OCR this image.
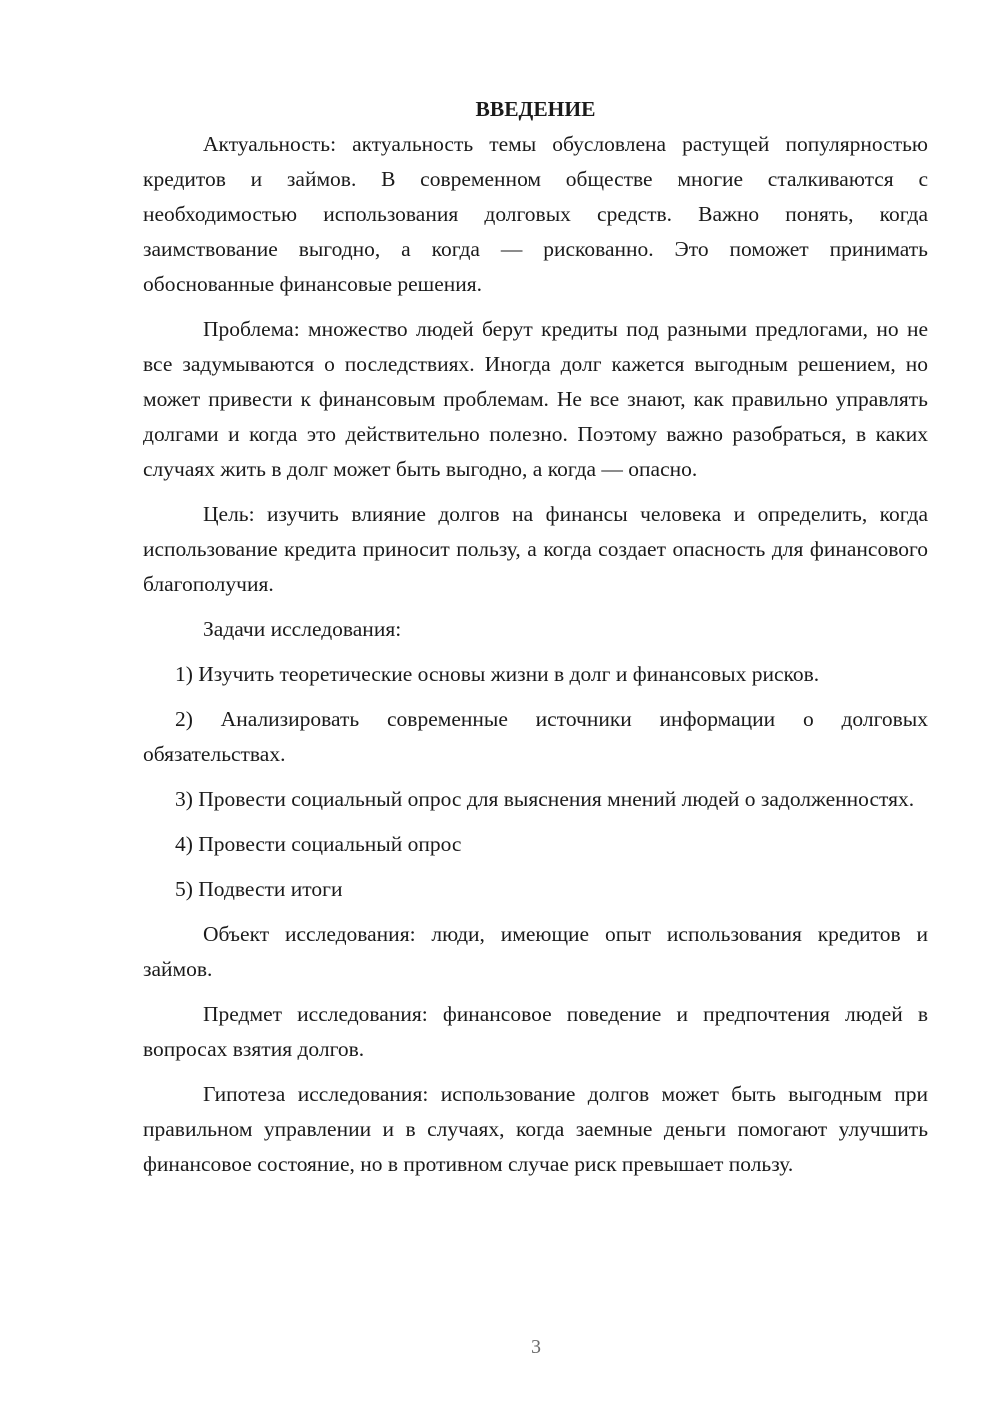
ВВЕДЕНИЕ

Актуальность: актуальность темы обусловлена растущей популярностью кредитов и займов. В современном обществе многие сталкиваются с необходимостью использования долговых средств. Важно понять, когда заимствование выгодно, а когда — рискованно. Это поможет принимать обоснованные финансовые решения.

Проблема: множество людей берут кредиты под разными предлогами, но не все задумываются о последствиях. Иногда долг кажется выгодным решением, но может привести к финансовым проблемам. Не все знают, как правильно управлять долгами и когда это действительно полезно. Поэтому важно разобраться, в каких случаях жить в долг может быть выгодно, а когда — опасно.

Цель: изучить влияние долгов на финансы человека и определить, когда использование кредита приносит пользу, а когда создает опасность для финансового благополучия.

Задачи исследования:

1) Изучить теоретические основы жизни в долг и финансовых рисков.

2) Анализировать современные источники информации о долговых обязательствах.

3) Провести социальный опрос для выяснения мнений людей о задолженностях.

4) Провести социальный опрос

5) Подвести итоги

Объект исследования: люди, имеющие опыт использования кредитов и займов.

Предмет исследования: финансовое поведение и предпочтения людей в вопросах взятия долгов.

Гипотеза исследования: использование долгов может быть выгодным при правильном управлении и в случаях, когда заемные деньги помогают улучшить финансовое состояние, но в противном случае риск превышает пользу.

3
